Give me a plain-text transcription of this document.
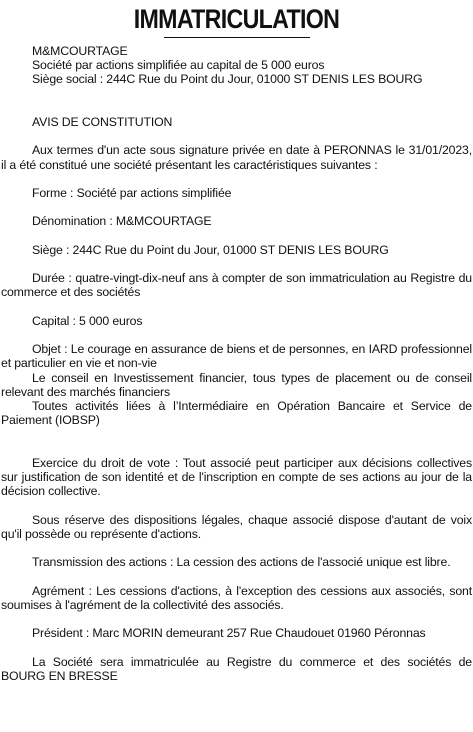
IMMATRICULATION
M&MCOURTAGE
Société par actions simplifiée au capital de 5 000 euros
Siège social : 244C Rue du Point du Jour, 01000 ST DENIS LES BOURG
AVIS DE CONSTITUTION

Aux termes d'un acte sous signature privée en date à PERONNAS le 31/01/2023, il a été constitué une société présentant les caractéristiques suivantes :

Forme : Société par actions simplifiée

Dénomination : M&MCOURTAGE

Siège : 244C Rue du Point du Jour, 01000 ST DENIS LES BOURG

Durée : quatre-vingt-dix-neuf ans à compter de son immatriculation au Registre du commerce et des sociétés

Capital : 5 000 euros

Objet : Le courage en assurance de biens et de personnes, en IARD professionnel et particulier en vie et non-vie

Le conseil en Investissement financier, tous types de placement ou de conseil relevant des marchés financiers

Toutes activités liées à l’Intermédiaire en Opération Bancaire et Service de Paiement (IOBSP)

Exercice du droit de vote : Tout associé peut participer aux décisions collectives sur justification de son identité et de l'inscription en compte de ses actions au jour de la décision collective.

Sous réserve des dispositions légales, chaque associé dispose d'autant de voix qu'il possède ou représente d'actions.

Transmission des actions : La cession des actions de l'associé unique est libre.

Agrément : Les cessions d'actions, à l'exception des cessions aux associés, sont soumises à l'agrément de la collectivité des associés.

Président : Marc MORIN demeurant 257 Rue Chaudouet 01960 Péronnas

La Société sera immatriculée au Registre du commerce et des sociétés de BOURG EN BRESSE
